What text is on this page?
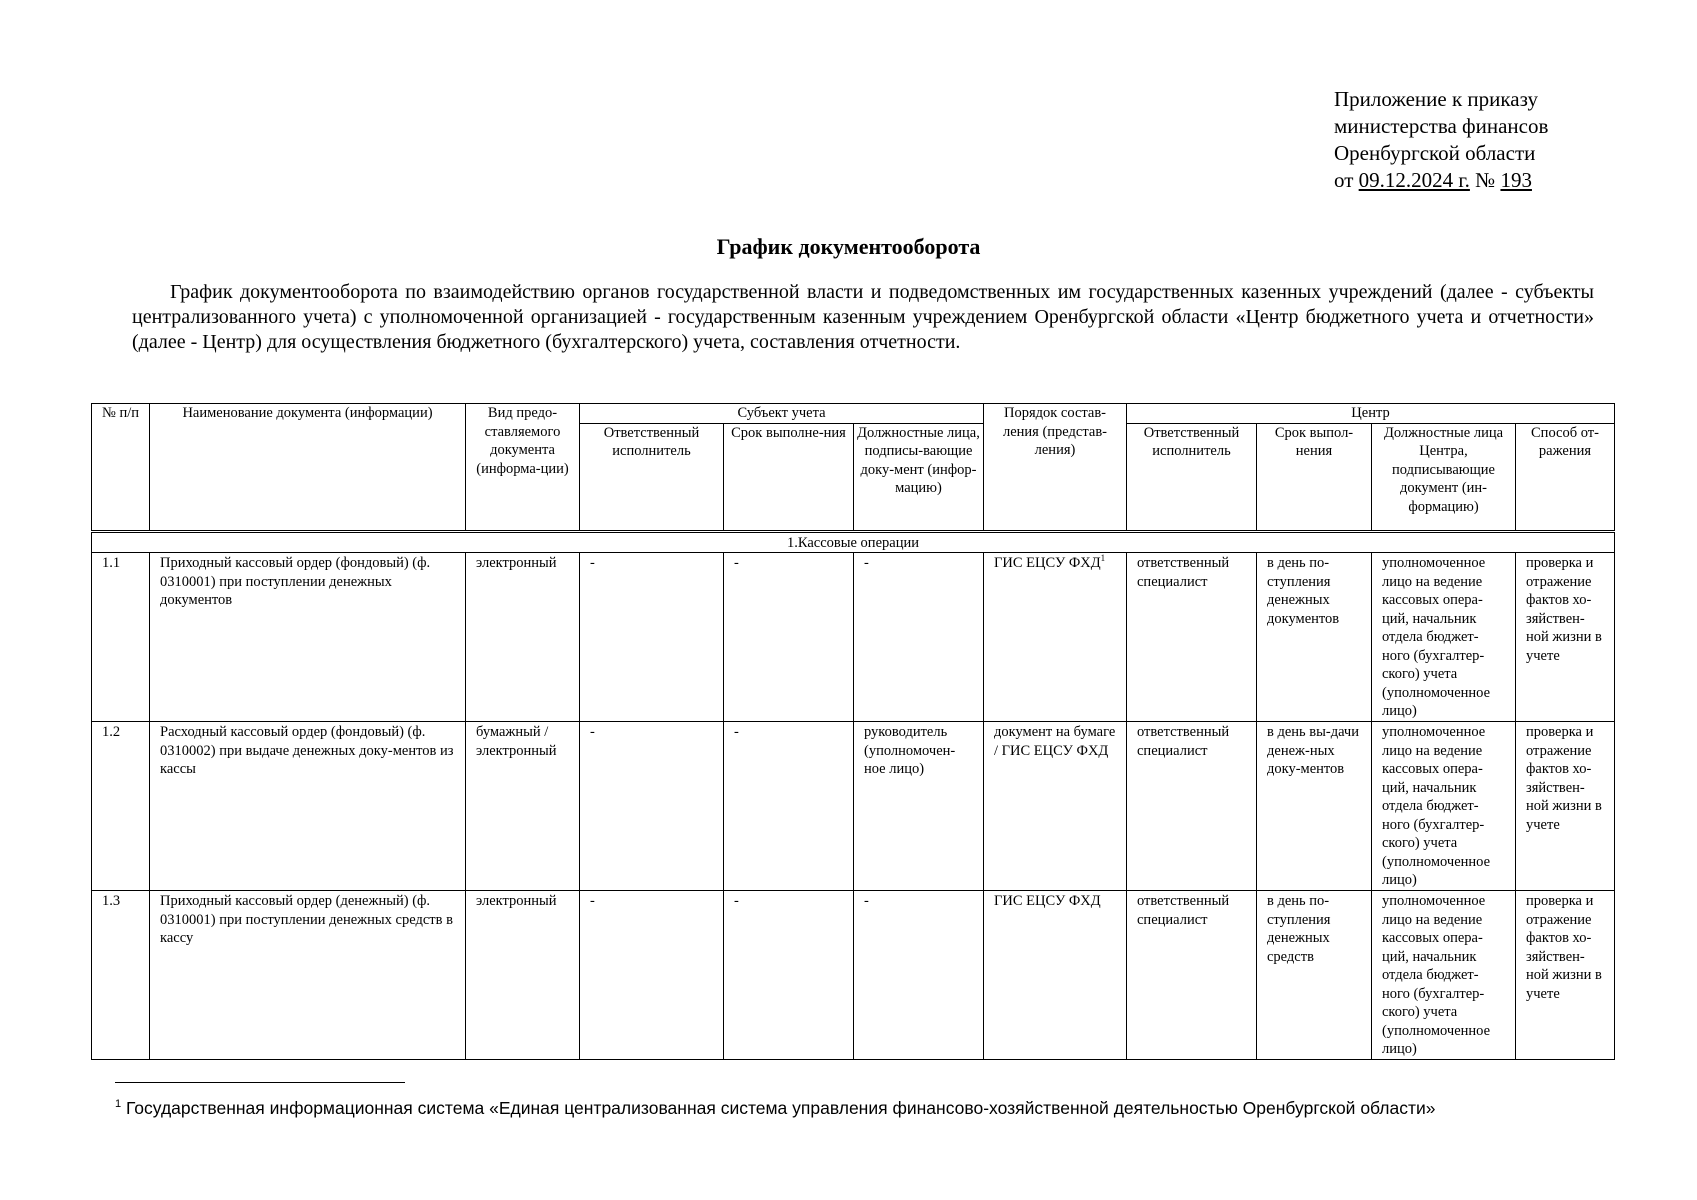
Приложение к приказу
министерства финансов
Оренбургской области
от 09.12.2024 г. № 193
График документооборота
График документооборота по взаимодействию органов государственной власти и подведомственных им государственных казенных учреждений (далее - субъекты централизованного учета) с уполномоченной организацией - государственным казенным учреждением Оренбургской области «Центр бюджетного учета и отчетности» (далее - Центр) для осуществления бюджетного (бухгалтерского) учета, составления отчетности.
№ п/п	Наименование документа (информации)	Вид предо-ставляемого документа (информа-ции)	Субъект учета			Порядок состав-ления (представ-ления)	Центр			
			Ответственный исполнитель	Срок выполне-ния	Должностные лица, подписы-вающие доку-мент (инфор-мацию)		Ответственный исполнитель	Срок выпол-нения	Должностные лица Центра, подписывающие документ (ин-формацию)	Способ от-ражения
1.Кассовые операции										
1.1	Приходный кассовый ордер (фондовый) (ф. 0310001) при поступлении денежных документов	электронный	-	-	-	ГИС ЕЦСУ ФХД$^1$	ответственный специалист	в день по-ступления денежных документов	уполномоченное лицо на ведение кассовых опера-ций, начальник отдела бюджет-ного (бухгалтер-ского) учета (уполномоченное лицо)	проверка и отражение фактов хо-зяйствен-ной жизни в учете
1.2	Расходный кассовый ордер (фондовый) (ф. 0310002) при выдаче денежных доку-ментов из кассы	бумажный / электронный	-	-	руководитель (уполномочен-ное лицо)	документ на бумаге / ГИС ЕЦСУ ФХД	ответственный специалист	в день вы-дачи денеж-ных доку-ментов	уполномоченное лицо на ведение кассовых опера-ций, начальник отдела бюджет-ного (бухгалтер-ского) учета (уполномоченное лицо)	проверка и отражение фактов хо-зяйствен-ной жизни в учете
1.3	Приходный кассовый ордер (денежный) (ф. 0310001) при поступлении денежных средств в кассу	электронный	-	-	-	ГИС ЕЦСУ ФХД	ответственный специалист	в день по-ступления денежных средств	уполномоченное лицо на ведение кассовых опера-ций, начальник отдела бюджет-ного (бухгалтер-ского) учета (уполномоченное лицо)	проверка и отражение фактов хо-зяйствен-ной жизни в учете
$^1$ Государственная информационная система «Единая централизованная система управления финансово-хозяйственной деятельностью Оренбургской области»
